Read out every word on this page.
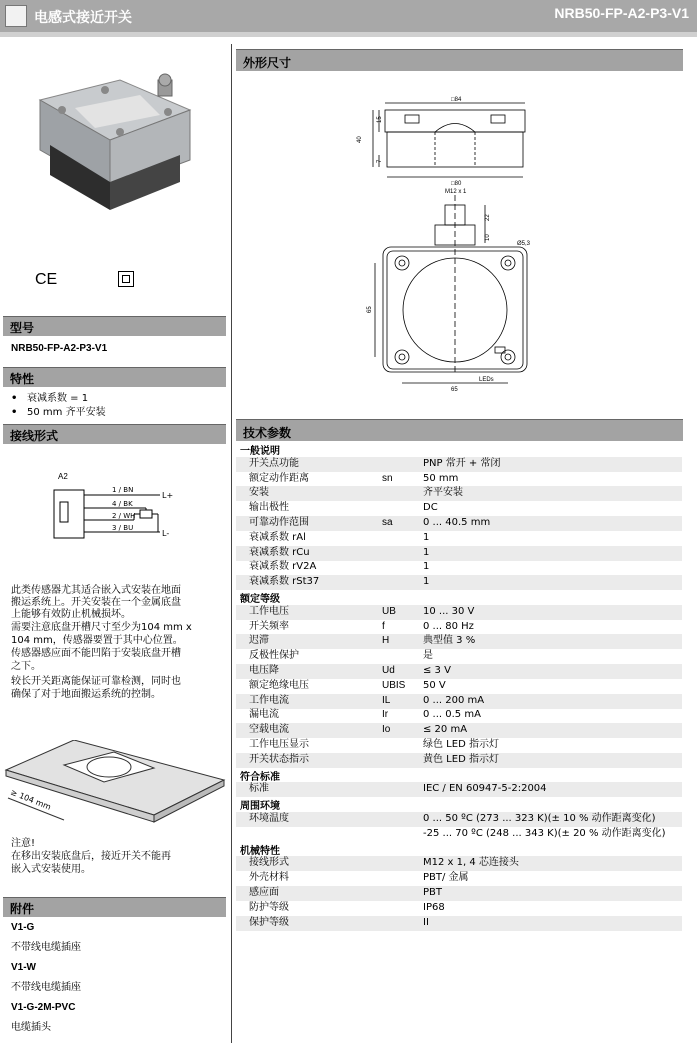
电感式接近开关	NRB50-FP-A2-P3-V1
CE
型号
NRB50-FP-A2-P3-V1
特性
• 衰减系数 = 1
• 50 mm 齐平安装
接线形式
A2
1 / BN
4 / BK
2 / WH
3 / BU
L+
L-
此类传感器尤其适合嵌入式安装在地面
搬运系统上。开关安装在一个金属底盘
上能够有效防止机械损坏。
需要注意底盘开槽尺寸至少为104 mm x
104 mm，传感器要置于其中心位置。
传感器感应面不能凹陷于安装底盘开槽
之下。
较长开关距离能保证可靠检测，同时也
确保了对于地面搬运系统的控制。
≥ 104 mm
注意!
在移出安装底盘后，接近开关不能再
嵌入式安装使用。
附件
V1-G
不带线电缆插座
V1-W
不带线电缆插座
V1-G-2M-PVC
电缆插头
外形尺寸
□84
□80
40
15
7
M12 x 1
22
10
Ø5,3
65
65
LEDs
技术参数
一般说明
开关点功能	PNP 常开 + 常闭
额定动作距离	sn	50 mm
安装	齐平安装
输出极性	DC
可靠动作范围	sa	0 ... 40.5 mm
衰减系数 rAl	1
衰减系数 rCu	1
衰减系数 rV2A	1
衰减系数 rSt37	1
额定等级
工作电压	UB	10 ... 30 V
开关频率	f	0 ... 80 Hz
迟滞	H	典型值 3 %
反极性保护	是
电压降	Ud	≤ 3 V
额定绝缘电压	UBIS 50 V
工作电流	IL	0 ... 200 mA
漏电流	Ir	0 ... 0.5 mA
空载电流	Io	≤ 20 mA
工作电压显示	绿色 LED 指示灯
开关状态指示	黄色 LED 指示灯
符合标准
标准	IEC / EN 60947-5-2:2004
周围环境
环境温度	0 ... 50 ºC (273 ... 323 K)(± 10 % 动作距离变化)
-25 ... 70 ºC (248 ... 343 K)(± 20 % 动作距离变化)
机械特性
接线形式	M12 x 1, 4 芯连接头
外壳材料	PBT/ 金属
感应面	PBT
防护等级	IP68
保护等级	II
